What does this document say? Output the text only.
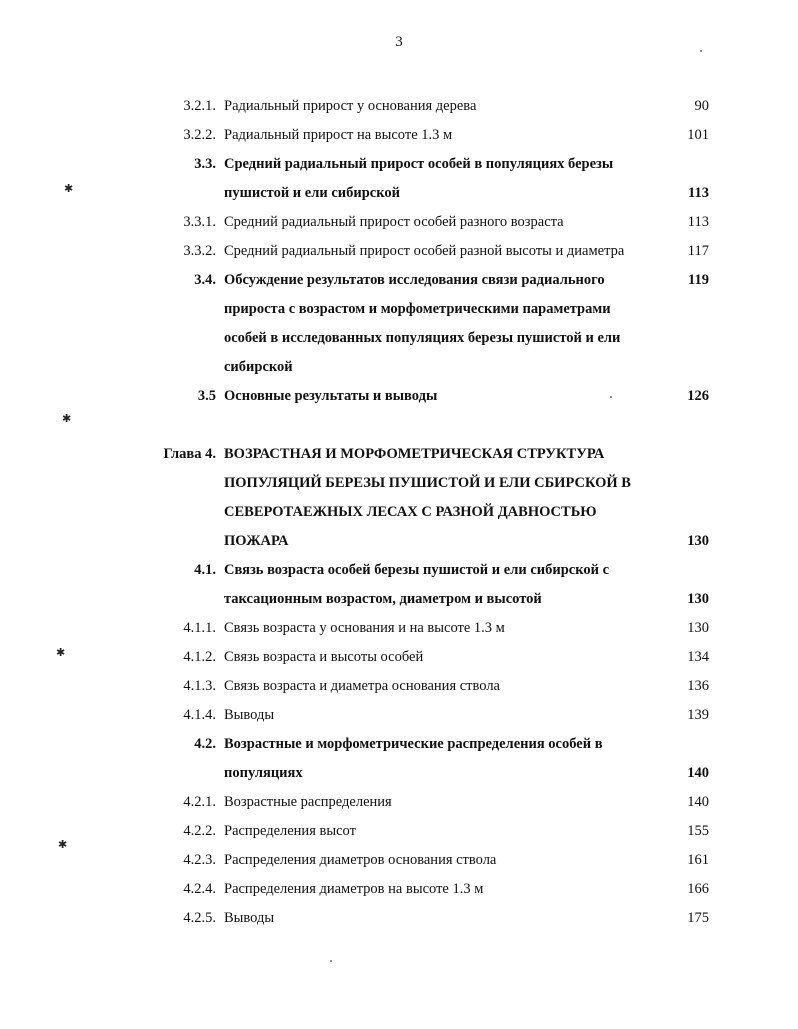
3
3.2.1. Радиальный прирост у основания дерева	90
3.2.2. Радиальный прирост на высоте 1.3 м	101
3.3. Средний радиальный прирост особей в популяциях березы
пушистой и ели сибирской	113
3.3.1. Средний радиальный прирост особей разного возраста	113
3.3.2. Средний радиальный прирост особей разной высоты и диаметра	117
3.4. Обсуждение результатов исследования связи радиального	119
прироста с возрастом и морфометрическими параметрами
особей в исследованных популяциях березы пушистой и ели
сибирской
3.5 Основные результаты и выводы	126
Глава 4. ВОЗРАСТНАЯ И МОРФОМЕТРИЧЕСКАЯ СТРУКТУРА
ПОПУЛЯЦИЙ БЕРЕЗЫ ПУШИСТОЙ И ЕЛИ СБИРСКОЙ В
СЕВЕРОТАЕЖНЫХ ЛЕСАХ С РАЗНОЙ ДАВНОСТЬЮ
ПОЖАРА	130
4.1. Связь возраста особей березы пушистой и ели сибирской с
таксационным возрастом, диаметром и высотой	130
4.1.1. Связь возраста у основания и на высоте 1.3 м	130
4.1.2. Связь возраста и высоты особей	134
4.1.3. Связь возраста и диаметра основания ствола	136
4.1.4. Выводы	139
4.2. Возрастные и морфометрические распределения особей в
популяциях	140
4.2.1. Возрастные распределения	140
4.2.2. Распределения высот	155
4.2.3. Распределения диаметров основания ствола	161
4.2.4. Распределения диаметров на высоте 1.3 м	166
4.2.5. Выводы	175
✱
✱
✱
✱
